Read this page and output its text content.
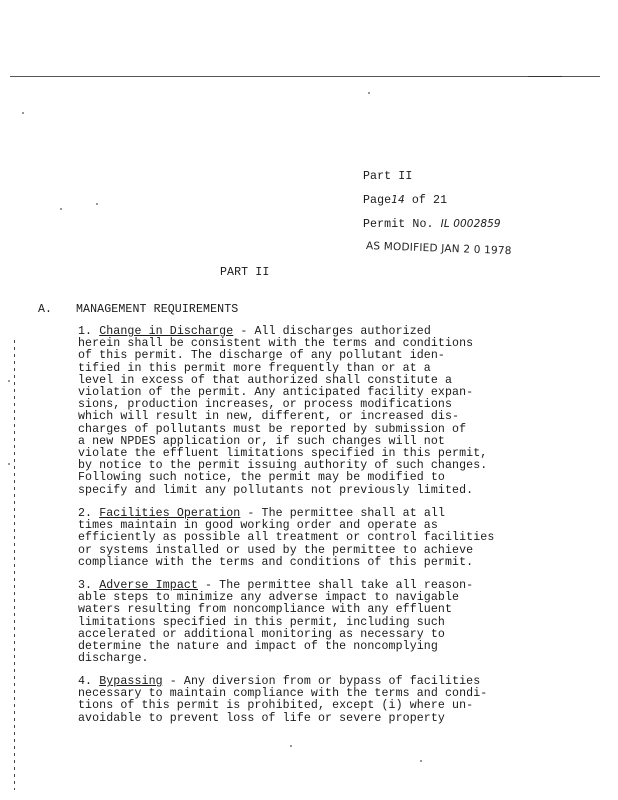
Part II
Page14 of 21
Permit No. IL 0002859
AS MODIFIED JAN 2 0 1978
PART II
A. MANAGEMENT REQUIREMENTS
1. Change in Discharge - All discharges authorized
herein shall be consistent with the terms and conditions
of this permit. The discharge of any pollutant iden-
tified in this permit more frequently than or at a
level in excess of that authorized shall constitute a
violation of the permit. Any anticipated facility expan-
sions, production increases, or process modifications
which will result in new, different, or increased dis-
charges of pollutants must be reported by submission of
a new NPDES application or, if such changes will not
violate the effluent limitations specified in this permit,
by notice to the permit issuing authority of such changes.
Following such notice, the permit may be modified to
specify and limit any pollutants not previously limited.
2. Facilities Operation - The permittee shall at all
times maintain in good working order and operate as
efficiently as possible all treatment or control facilities
or systems installed or used by the permittee to achieve
compliance with the terms and conditions of this permit.
3. Adverse Impact - The permittee shall take all reason-
able steps to minimize any adverse impact to navigable
waters resulting from noncompliance with any effluent
limitations specified in this permit, including such
accelerated or additional monitoring as necessary to
determine the nature and impact of the noncomplying
discharge.
4. Bypassing - Any diversion from or bypass of facilities
necessary to maintain compliance with the terms and condi-
tions of this permit is prohibited, except (i) where un-
avoidable to prevent loss of life or severe property
